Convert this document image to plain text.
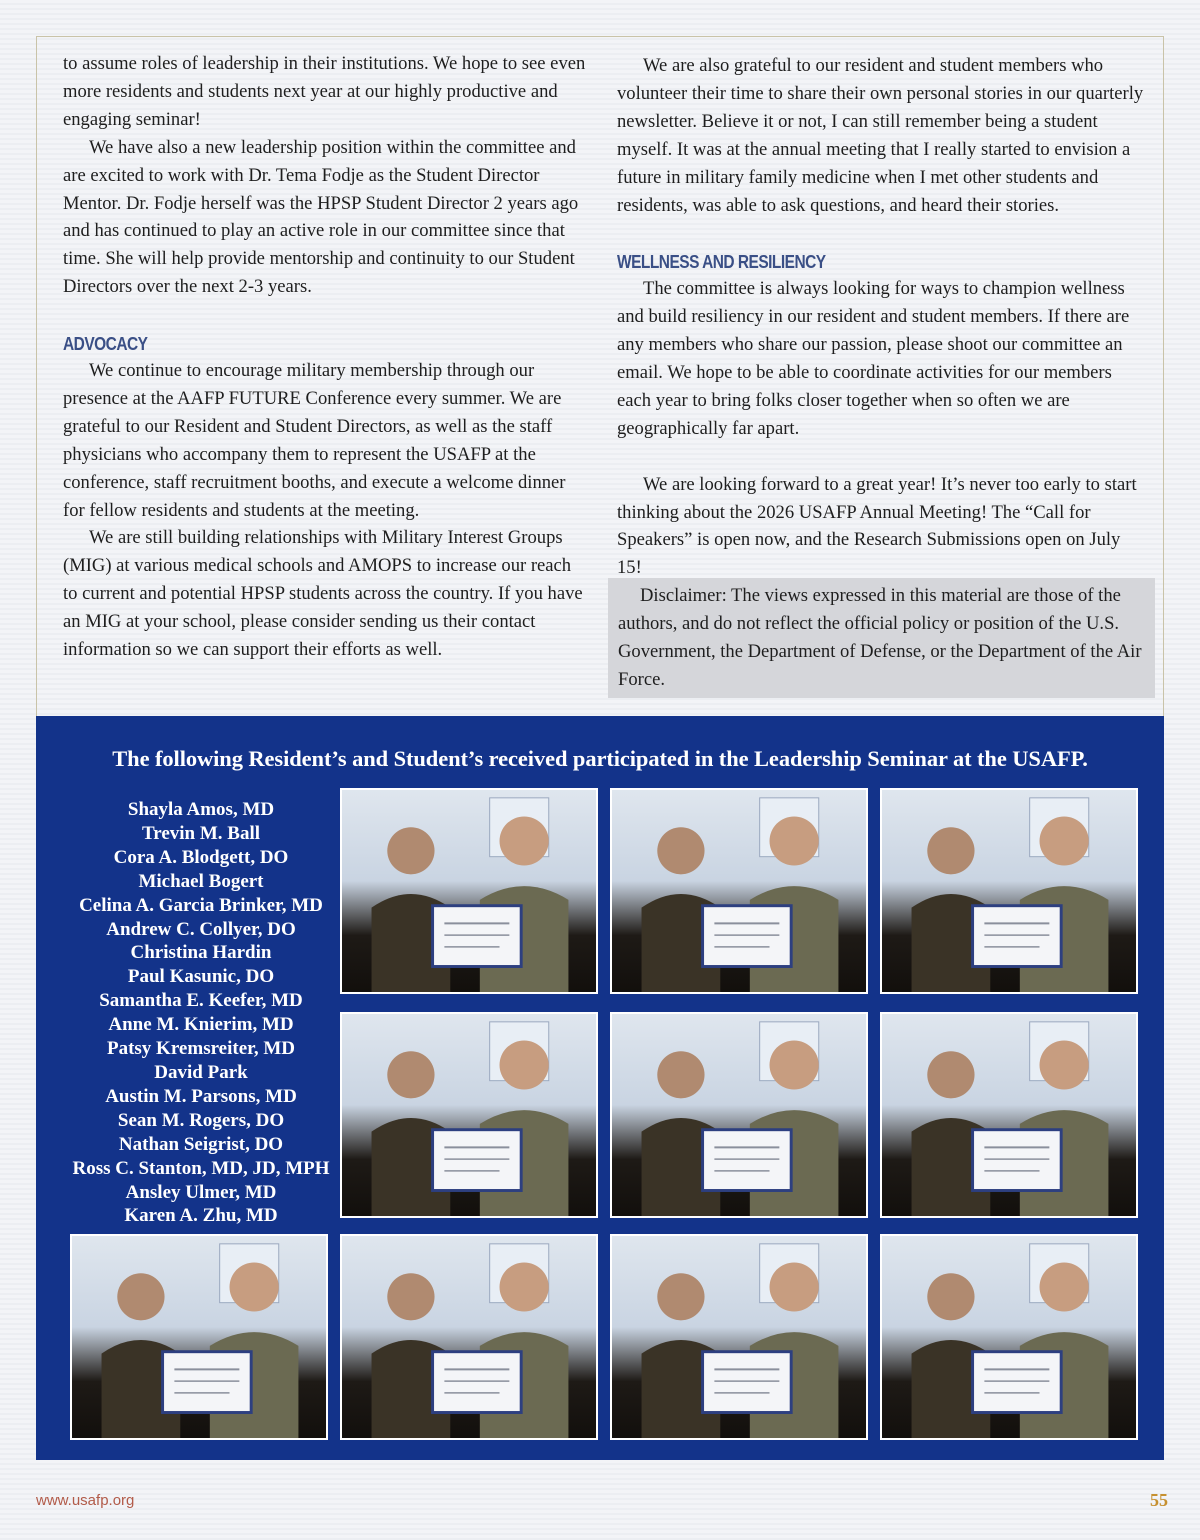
to assume roles of leadership in their institutions. We hope to see even more residents and students next year at our highly productive and engaging seminar!

We have also a new leadership position within the committee and are excited to work with Dr. Tema Fodje as the Student Director Mentor. Dr. Fodje herself was the HPSP Student Director 2 years ago and has continued to play an active role in our committee since that time. She will help provide mentorship and continuity to our Student Directors over the next 2-3 years.

ADVOCACY

We continue to encourage military membership through our presence at the AAFP FUTURE Conference every summer. We are grateful to our Resident and Student Directors, as well as the staff physicians who accompany them to represent the USAFP at the conference, staff recruitment booths, and execute a welcome dinner for fellow residents and students at the meeting.

We are still building relationships with Military Interest Groups (MIG) at various medical schools and AMOPS to increase our reach to current and potential HPSP students across the country. If you have an MIG at your school, please consider sending us their contact information so we can support their efforts as well.

We are also grateful to our resident and student members who volunteer their time to share their own personal stories in our quarterly newsletter. Believe it or not, I can still remember being a student myself. It was at the annual meeting that I really started to envision a future in military family medicine when I met other students and residents, was able to ask questions, and heard their stories.

WELLNESS AND RESILIENCY

The committee is always looking for ways to champion wellness and build resiliency in our resident and student members. If there are any members who share our passion, please shoot our committee an email. We hope to be able to coordinate activities for our members each year to bring folks closer together when so often we are geographically far apart.

We are looking forward to a great year! It’s never too early to start thinking about the 2026 USAFP Annual Meeting! The “Call for Speakers” is open now, and the Research Submissions open on July 15!

Disclaimer: The views expressed in this material are those of the authors, and do not reflect the official policy or position of the U.S. Government, the Department of Defense, or the Department of the Air Force.

The following Resident’s and Student’s received participated in the Leadership Seminar at the USAFP.
Shayla Amos, MD
Trevin M. Ball
Cora A. Blodgett, DO
Michael Bogert
Celina A. Garcia Brinker, MD
Andrew C. Collyer, DO
Christina Hardin
Paul Kasunic, DO
Samantha E. Keefer, MD
Anne M. Knierim, MD
Patsy Kremsreiter, MD
David Park
Austin M. Parsons, MD
Sean M. Rogers, DO
Nathan Seigrist, DO
Ross C. Stanton, MD, JD, MPH
Ansley Ulmer, MD
Karen A. Zhu, MD
www.usafp.org	55
